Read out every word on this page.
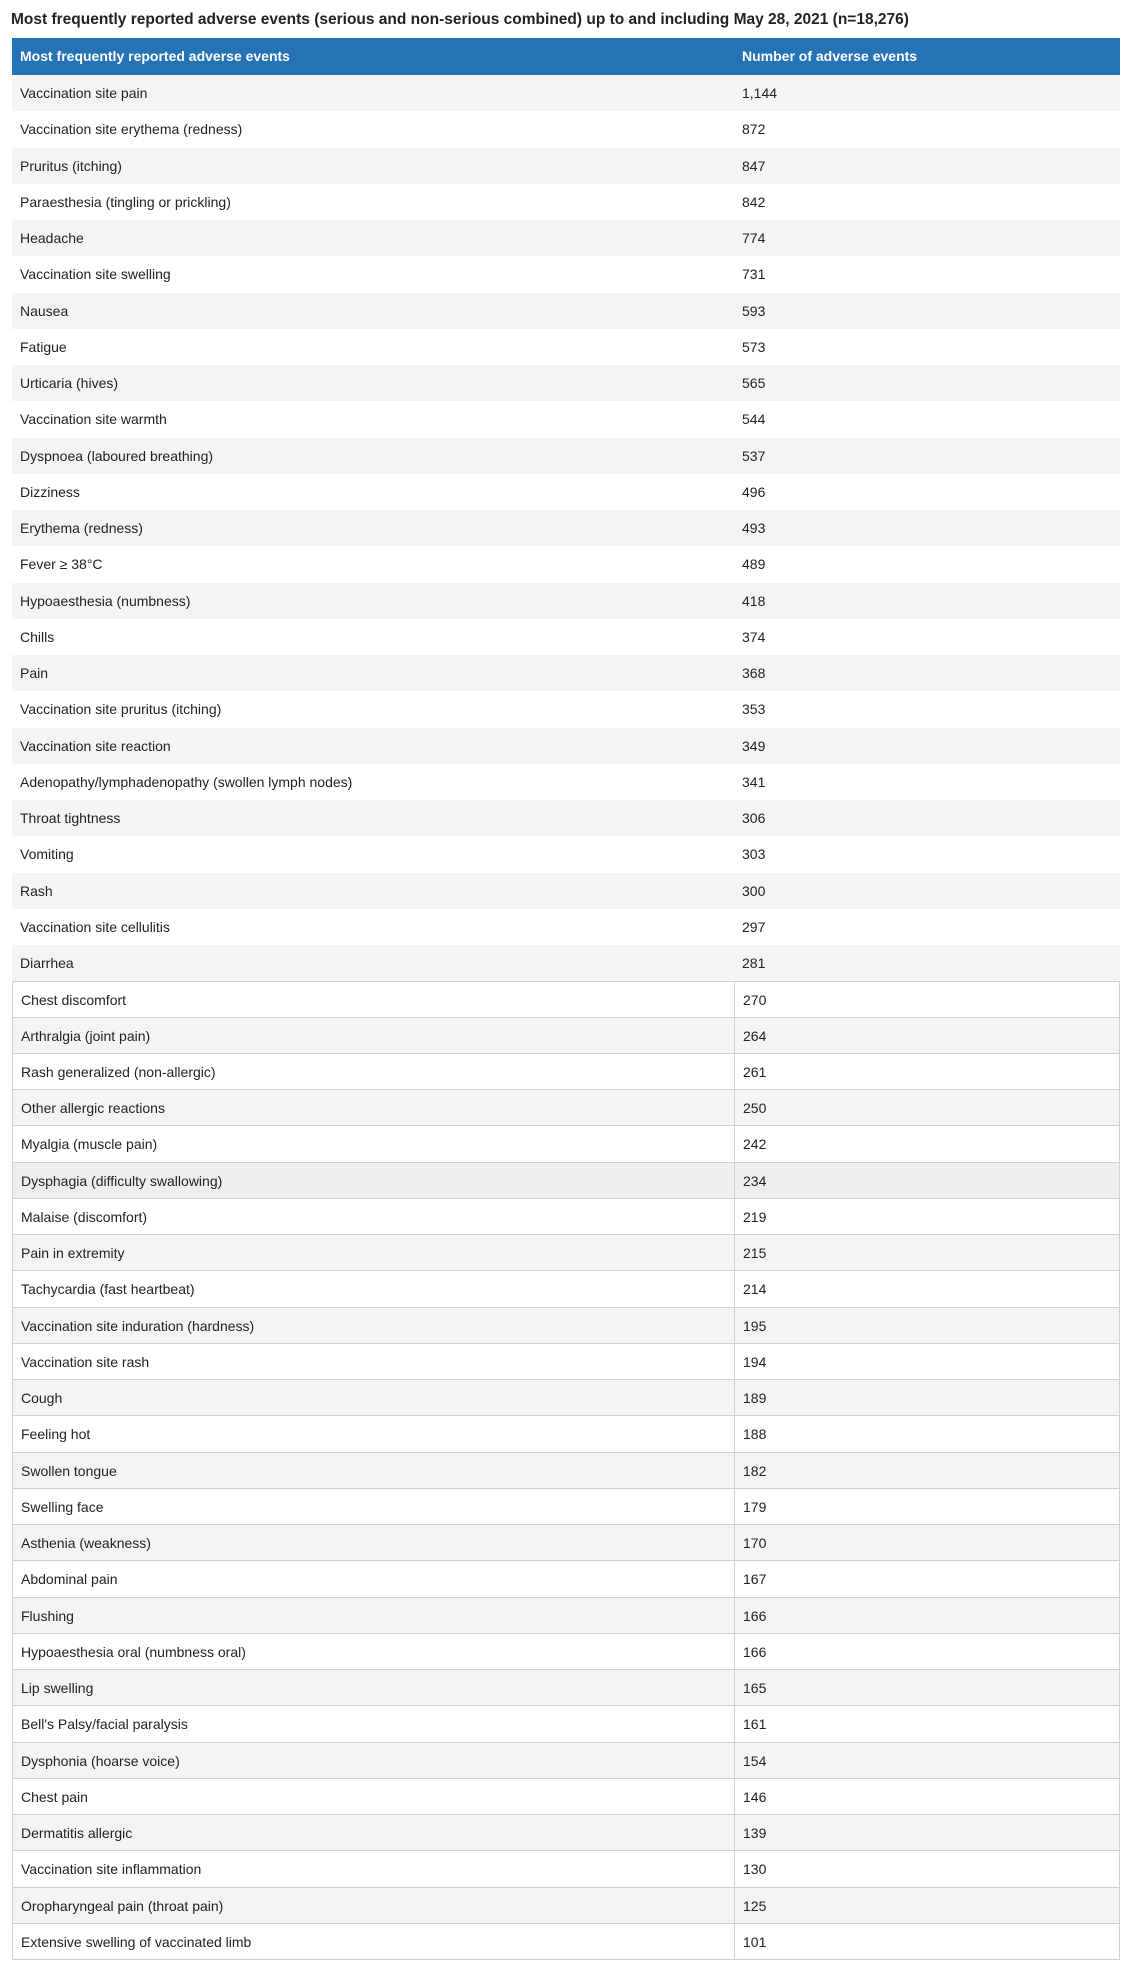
Most frequently reported adverse events (serious and non-serious combined) up to and including May 28, 2021 (n=18,276)
Most frequently reported adverse events	Number of adverse events
Vaccination site pain	1,144
Vaccination site erythema (redness)	872
Pruritus (itching)	847
Paraesthesia (tingling or prickling)	842
Headache	774
Vaccination site swelling	731
Nausea	593
Fatigue	573
Urticaria (hives)	565
Vaccination site warmth	544
Dyspnoea (laboured breathing)	537
Dizziness	496
Erythema (redness)	493
Fever ≥ 38°C	489
Hypoaesthesia (numbness)	418
Chills	374
Pain	368
Vaccination site pruritus (itching)	353
Vaccination site reaction	349
Adenopathy/lymphadenopathy (swollen lymph nodes)	341
Throat tightness	306
Vomiting	303
Rash	300
Vaccination site cellulitis	297
Diarrhea	281
Chest discomfort	270
Arthralgia (joint pain)	264
Rash generalized (non-allergic)	261
Other allergic reactions	250
Myalgia (muscle pain)	242
Dysphagia (difficulty swallowing)	234
Malaise (discomfort)	219
Pain in extremity	215
Tachycardia (fast heartbeat)	214
Vaccination site induration (hardness)	195
Vaccination site rash	194
Cough	189
Feeling hot	188
Swollen tongue	182
Swelling face	179
Asthenia (weakness)	170
Abdominal pain	167
Flushing	166
Hypoaesthesia oral (numbness oral)	166
Lip swelling	165
Bell's Palsy/facial paralysis	161
Dysphonia (hoarse voice)	154
Chest pain	146
Dermatitis allergic	139
Vaccination site inflammation	130
Oropharyngeal pain (throat pain)	125
Extensive swelling of vaccinated limb	101
